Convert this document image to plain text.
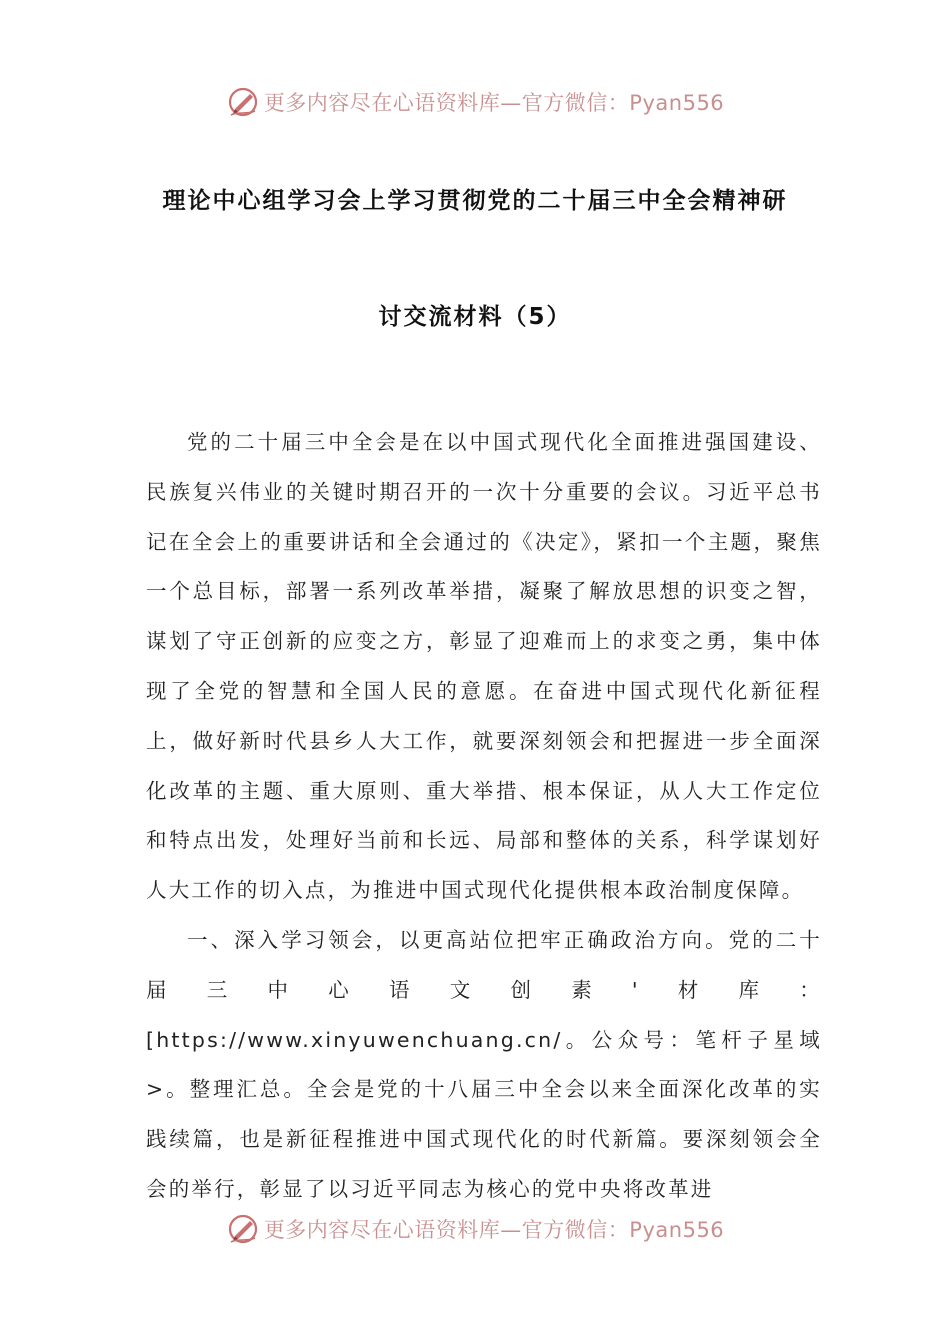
更多内容尽在心语资料库—官方微信：Pyan556
理论中心组学习会上学习贯彻党的二十届三中全会精神研
讨交流材料（5）

党的二十届三中全会是在以中国式现代化全面推进强国建设、民族复兴伟业的关键时期召开的一次十分重要的会议。习近平总书记在全会上的重要讲话和全会通过的《决定》，紧扣一个主题，聚焦一个总目标，部署一系列改革举措，凝聚了解放思想的识变之智，谋划了守正创新的应变之方，彰显了迎难而上的求变之勇，集中体现了全党的智慧和全国人民的意愿。在奋进中国式现代化新征程上，做好新时代县乡人大工作，就要深刻领会和把握进一步全面深化改革的主题、重大原则、重大举措、根本保证，从人大工作定位和特点出发，处理好当前和长远、局部和整体的关系，科学谋划好人大工作的切入点，为推进中国式现代化提供根本政治制度保障。

一、深入学习领会，以更高站位把牢正确政治方向。党的二十届三中心语文创素'材库：[https://www.xinyuwenchuang.cn/。公众号：笔杆子星域>。整理汇总。全会是党的十八届三中全会以来全面深化改革的实践续篇，也是新征程推进中国式现代化的时代新篇。要深刻领会全会的举行，彰显了以习近平同志为核心的党中央将改革进

更多内容尽在心语资料库—官方微信：Pyan556
